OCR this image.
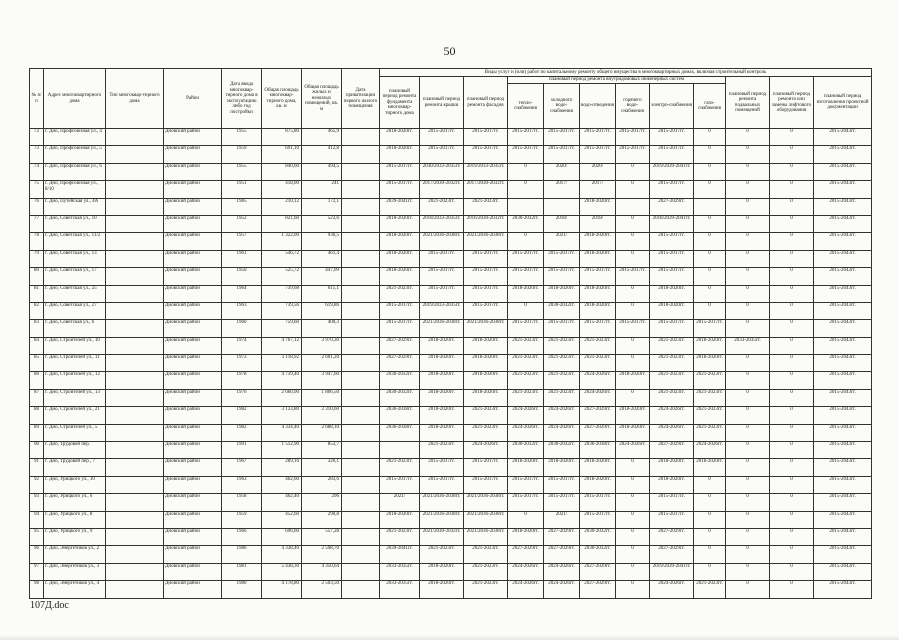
50
№ п/п	Адрес многоквартирного дома	Тип многоквар-тирного дома	Район	Дата ввода многоквар-тирного дома в эксплуатацию либо год постройки	Общая площадь многоквар-тирного дома, кв. м	Общая площадь жилых и нежилых помещений, кв. м	Дата приватизации первого жилого помещения	Виды услуг и (или) работ по капитальному ремонту общего имущества в многоквартирных домах, включая строительный контроль											
								плановый период ремонта фундамента многоквар-тирного дома	плановый период ремонта крыши	плановый период ремонта фасадов	плановый период ремонта внутридомовых инженерных систем						плановый период ремонта подвальных помещений	плановый период ремонта или замены лифтового оборудования	плановый период изготовления проектной документации
											тепло-снабжения	холодного водо-снабжения	водо-отведения	горячего водо-снабжения	электро-снабжения	газо-снабжения			
72	г. Дно, Профсоюзная ул., 4		Дновский район	1955	875,80	465,9		2018-2020гг.	2015-2017гг.	2015-2017гг.	2015-2017гг.	2015-2017гг.	2015-2017гг.	2015-2017гг.	2015-2017гг.	0	0	0	2015-2043гг.
73	г. Дно, Профсоюзная ул., 5		Дновский район	1959	691,10	412,8		2018-2020гг.	2015-2017гг.	2015-2017гг.	2015-2017гг.	2015-2017гг.	2015-2017гг.	2015-2017гг.	2015-2017гг.	0	0	0	2015-2043гг.
74	г. Дно, Профсоюзная ул., 6		Дновский район	1955	840,60	494,5		2015-2017гг.	2030/2033-2035гг.	2019/2033-2035гг.	0	2020/	2020/	0	2019/2039-2041гг.	0	0	0	2015-2043гг.
75	г. Дно, Профсоюзная ул., 8/10		Дновский район	1951	418,00	241		2015-2017гг.	2017/2030-2032гг.	2017/2030-2032гг.	0	2017/	2017/	0	2015-2017гг.	0	0	0	2015-2043гг.
76	г. Дно, Путейская ул., 4А		Дновский район	1985	210,12	172,1		2039-2041гг.	2021-2023гг.	2021-2023гг.			2018-2020гг.		2027-2029гг.		0	0	2015-2043гг.
77	г. Дно, Советская ул., 10		Дновский район	1952	821,60	523,6		2018-2020гг.	2018/2033-2035гг.	2016/2030-2032гг.	2030-2032гг.	2018/	2018/	0	2018/2039-2041гг.	0	0	0	2015-2043гг.
78	г. Дно, Советская ул., 11/2		Дновский район	1957	1 322,00	936,5		2018-2020гг.	2021/2036-2038гг.	2021/2036-2038гг.	0	2021/	2018-2020гг.	0	2015-2017гг.	0	0	0	2015-2043гг.
79	г. Дно, Советская ул., 13		Дновский район	1961	546,72	461,4		2018-2020гг.	2015-2017гг.	2015-2017гг.	2015-2017гг.	2015-2017гг.	2018-2020гг.	0	2015-2017гг.	0	0	0	2015-2043гг.
80	г. Дно, Советская ул., 17		Дновский район	1950	525,72	447,09		2018-2020гг.	2015-2017гг.	2015-2017гг.	2015-2017гг.	2015-2017гг.	2015-2017гг.	2015-2017гг.	2015-2017гг.	0	0	0	2015-2043гг.
81	г. Дно, Советская ул., 25		Дновский район	1964	739,68	615,1		2021-2023гг.	2015-2017гг.	2015-2017гг.	2018-2020гг.	2018-2020гг.	2018-2020гг.	0	2018-2020гг.	0	0	0	2015-2043гг.
82	г. Дно, Советская ул., 27		Дновский район	1963	739,56	619,86		2015-2017гг.	2019/2033-2035гг.	2015-2017гг.	0	2030-2032гг.	2018-2020гг.	0	2018-2020гг.	0	0	0	2015-2043гг.
83	г. Дно, Советская ул., 6		Дновский район	1960	759,60	400,3		2015-2017гг.	2021/2036-2038гг.	2021/2036-2038гг.	2015-2017гг.	2015-2017гг.	2015-2017гг.	2015-2017гг.	2015-2017гг.	2015-2017гг.	0	0	2015-2043гг.
84	г. Дно, Строителей ул., 10		Дновский район	1974	4 767,12	3 970,30		2027-2029гг.	2018-2020гг.	2018-2020гг.	2021-2023гг.	2021-2023гг.	2021-2023гг.	0	2021-2023гг.	2018-2020гг.	2033-2035гг.	0	2015-2043гг.
85	г. Дно, Строителей ул., 11		Дновский район	1973	3 118,92	2 601,20		2027-2029гг.	2018-2020гг.	2018-2020гг.	2021-2023гг.	2021-2023гг.	2021-2023гг.	0	2021-2023гг.	2018-2020гг.	0	0	2015-2043гг.
86	г. Дно, Строителей ул., 12		Дновский район	1978	4 739,40	3 947,60		2030-2032гг.	2018-2020гг.	2018-2020гг.	2021-2023гг.	2021-2023гг.	2024-2026гг.	2018-2020гг.	2021-2023гг.	2021-2023гг.	0	0	2015-2043гг.
87	г. Дно, Строителей ул., 13		Дновский район	1976	2 660,90	1 806,50		2030-2032гг.	2018-2020гг.	2018-2020гг.	2021-2023гг.	2021-2023гг.	2024-2026гг.	0	2021-2023гг.	2021-2023гг.	0	0	2015-2043гг.
88	г. Дно, Строителей ул., 21		Дновский район	1982	3 133,80	2 310,60		2036-2038гг.	2018-2020гг.	2021-2023гг.	2024-2026гг.	2024-2026гг.	2027-2029гг.	2018-2020гг.	2024-2026гг.	2021-2023гг.	0	0	2015-2043гг.
89	г. Дно, Строителей ул., 5		Дновский район	1982	4 334,40	2 688,10		2036-2038гг.	2018-2020гг.	2021-2023гг.	2024-2026гг.	2024-2026гг.	2027-2029гг.	2018-2020гг.	2024-2026гг.	2021-2023гг.	0	0	2015-2043гг.
90	г. Дно, Трудовой пер.		Дновский район	1991	1 512,90	853,7			2021-2023гг.	2024-2026гг.	2030-2032гг.	2030-2032гг.	2036-2038гг.	2024-2026гг.	2027-2029гг.	2024-2026гг.	0	0	2015-2043гг.
91	г. Дно, Трудовой пер., 7		Дновский район	1967	289,16	326,1		2021-2023гг.	2015-2017гг.	2015-2017гг.	2018-2020гг.	2018-2020гг.	2018-2020гг.	0	2018-2020гг.	2018-2020гг.	0	0	2015-2043гг.
92	г. Дно, Урицкого ул., 10		Дновский район	1963	462,60	283,6		2015-2017гг.	2015-2017гг.	2015-2017гг.	2015-2017гг.	2015-2017гг.	2018-2020гг.	0	2018-2020гг.	0	0	0	2015-2043гг.
93	г. Дно, Урицкого ул., 6		Дновский район	1958	462,40	296		2021/	2021/2036-2038гг.	2021/2036-2038гг.	2015-2017гг.	2015-2017гг.	2015-2017гг.	0	2015-2017гг.	0	0	0	2015-2043гг.
94	г. Дно, Урицкого ул., 8		Дновский район	1959	452,60	290,8		2018-2020гг.	2021/2036-2038гг.	2021/2036-2038гг.	0	2021/	2015-2017гг.	0	2015-2017гг.	0	0	0	2015-2043гг.
95	г. Дно, Урицкого ул., 9		Дновский район	1966	696,60	557,28		2021-2023гг.	2021/2030-2032гг.	2021/2036-2038гг.	2018-2020гг.	2027-2029гг.	2030-2032гг.	0	2027-2029гг.	0	0	0	2015-2043гг.
96	г. Дно, Энергетиков ул., 2		Дновский район	1986	4 338,40	2 598,70		2039-2041гг.	2021-2023гг.	2021-2023гг.	2027-2029гг.	2027-2029гг.	2030-2032гг.	0	2027-2029гг.	0	0	0	2015-2043гг.
97	г. Дно, Энергетиков ул., 3		Дновский район	1981	5 438,30	4 350,64		2033-2035гг.	2018-2020гг.	2021-2023гг.	2024-2026гг.	2024-2026гг.	2027-2029гг.	0	2019/2039-2041гг.	0	0	0	2015-2043гг.
98	г. Дно, Энергетиков ул., 4		Дновский район	1980	4 178,80	2 503,50		2033-2035гг.	2018-2020гг.	2021-2023гг.	2024-2026гг.	2024-2026гг.	2027-2029гг.	0	2024-2026гг.	2021-2023гг.	0	0	2015-2043гг.
107Д.doc
